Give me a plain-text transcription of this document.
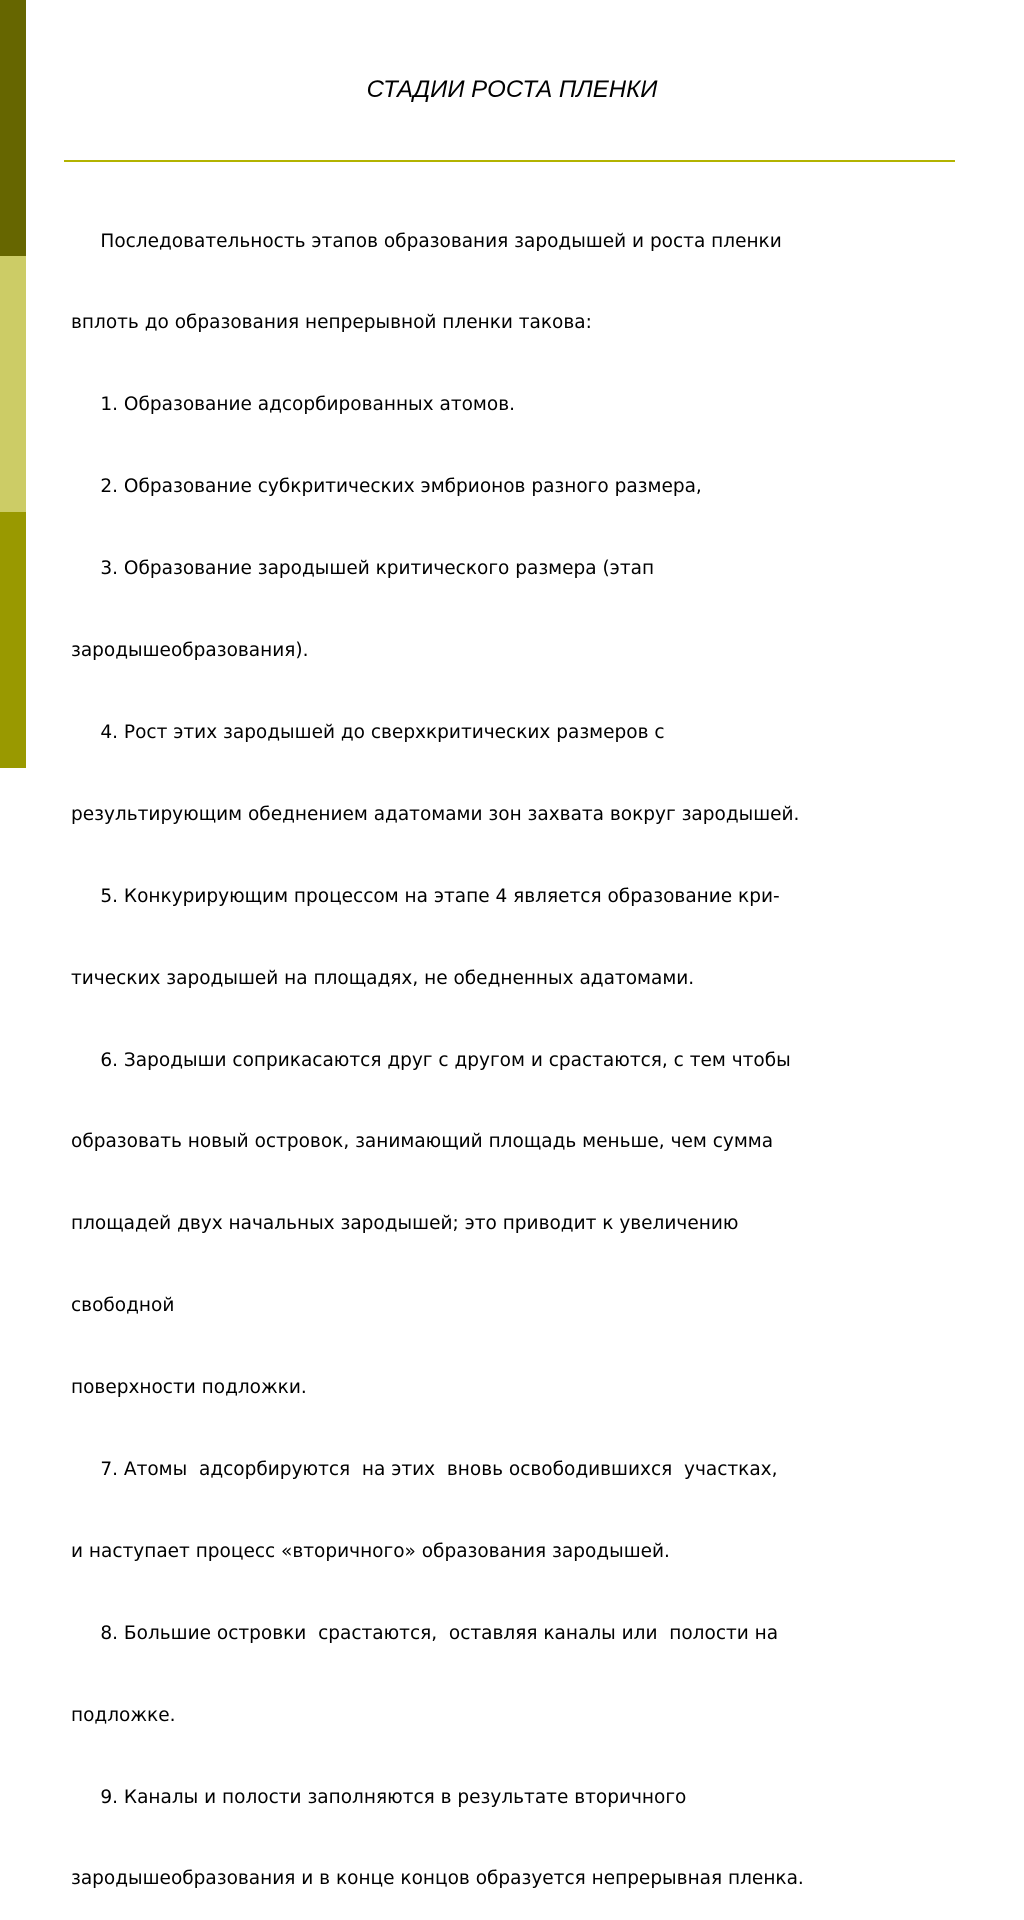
СТАДИИ РОСТА ПЛЕНКИ

Последовательность этапов образования зародышей и роста пленки

вплоть до образования непрерывной пленки такова:

1. Образование адсорбированных атомов.

2. Образование субкритических эмбрионов разного размера,

3. Образование зародышей критического размера (этап

зародышеобразования).

4. Рост этих зародышей до сверхкритических размеров с

результирующим обеднением адатомами зон захвата вокруг зародышей.

5. Конкурирующим процессом на этапе 4 является образование кри-

тических зародышей на площадях, не обедненных адатомами.

6. Зародыши соприкасаются друг с другом и срастаются, с тем чтобы

образовать новый островок, занимающий площадь меньше, чем сумма

площадей двух начальных зародышей; это приводит к увеличению

свободной

поверхности подложки.

7. Атомы  адсорбируются  на этих  вновь освободившихся  участках,

и наступает процесс «вторичного» образования зародышей.

8. Большие островки  срастаются,  оставляя каналы или  полости на

подложке.

9. Каналы и полости заполняются в результате вторичного

зародышеобразования и в конце концов образуется непрерывная пленка.
